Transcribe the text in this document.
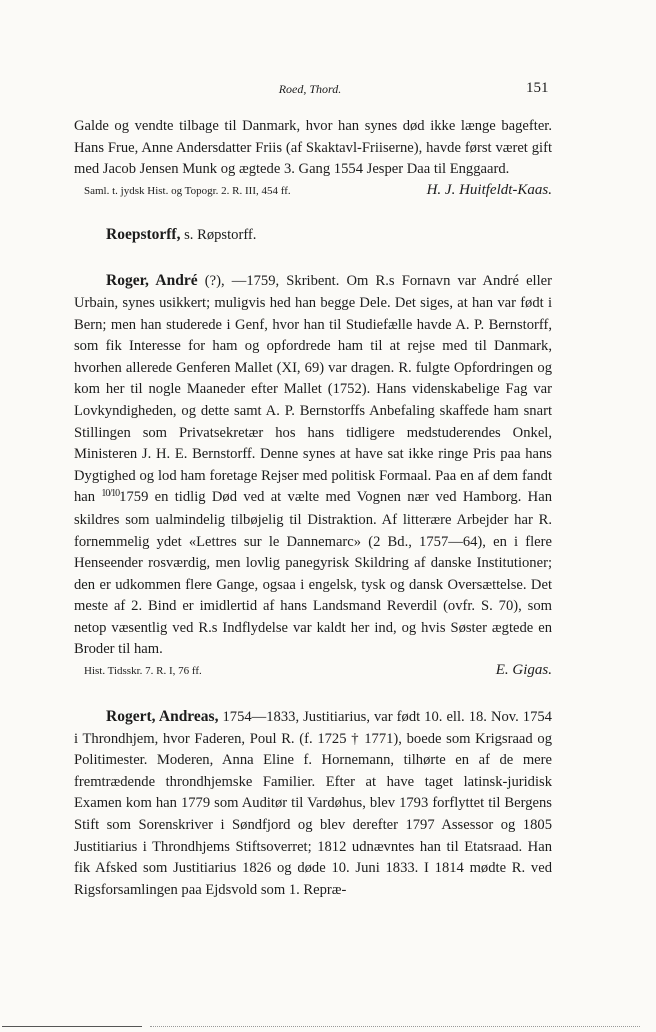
Roed, Thord.	151

Galde og vendte tilbage til Danmark, hvor han synes død ikke længe bagefter. Hans Frue, Anne Andersdatter Friis (af Skaktavl-Friiserne), havde først været gift med Jacob Jensen Munk og ægtede 3. Gang 1554 Jesper Daa til Enggaard.

Saml. t. jydsk Hist. og Topogr. 2. R. III, 454 ff.	H. J. Huitfeldt-Kaas.

Roepstorff, s. Røpstorff.

Roger, André (?), —1759, Skribent. Om R.s Fornavn var André eller Urbain, synes usikkert; muligvis hed han begge Dele. Det siges, at han var født i Bern; men han studerede i Genf, hvor han til Studiefælle havde A. P. Bernstorff, som fik Interesse for ham og opfordrede ham til at rejse med til Danmark, hvorhen allerede Genferen Mallet (XI, 69) var dragen. R. fulgte Opfordringen og kom her til nogle Maaneder efter Mallet (1752). Hans videnskabelige Fag var Lovkyndigheden, og dette samt A. P. Bernstorffs Anbefaling skaffede ham snart Stillingen som Privatsekretær hos hans tidligere medstuderendes Onkel, Ministeren J. H. E. Bernstorff. Denne synes at have sat ikke ringe Pris paa hans Dygtighed og lod ham foretage Rejser med politisk Formaal. Paa en af dem fandt han $^{10/10}$1759 en tidlig Død ved at vælte med Vognen nær ved Hamborg. Han skildres som ualmindelig tilbøjelig til Distraktion. Af litterære Arbejder har R. fornemmelig ydet «Lettres sur le Dannemarc» (2 Bd., 1757—64), en i flere Henseender rosværdig, men lovlig panegyrisk Skildring af danske Institutioner; den er udkommen flere Gange, ogsaa i engelsk, tysk og dansk Oversættelse. Det meste af 2. Bind er imidlertid af hans Landsmand Reverdil (ovfr. S. 70), som netop væsentlig ved R.s Indflydelse var kaldt her ind, og hvis Søster ægtede en Broder til ham.

Hist. Tidsskr. 7. R. I, 76 ff.	E. Gigas.

Rogert, Andreas, 1754—1833, Justitiarius, var født 10. ell. 18. Nov. 1754 i Throndhjem, hvor Faderen, Poul R. (f. 1725 † 1771), boede som Krigsraad og Politimester. Moderen, Anna Eline f. Hornemann, tilhørte en af de mere fremtrædende throndhjemske Familier. Efter at have taget latinsk-juridisk Examen kom han 1779 som Auditør til Vardøhus, blev 1793 forflyttet til Bergens Stift som Sorenskriver i Søndfjord og blev derefter 1797 Assessor og 1805 Justitiarius i Throndhjems Stiftsoverret; 1812 udnævntes han til Etatsraad. Han fik Afsked som Justitiarius 1826 og døde 10. Juni 1833. I 1814 mødte R. ved Rigsforsamlingen paa Ejdsvold som 1. Repræ-
